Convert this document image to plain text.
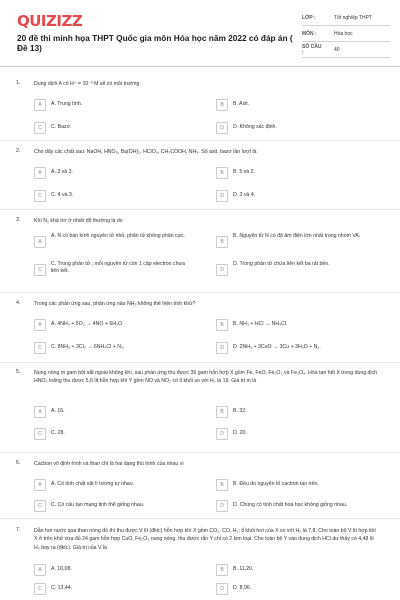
QUIZIZZ
20 đề thi minh họa THPT Quốc gia môn Hóa học năm 2022 có đáp án ( Đề 13)
LỚP :	Tốt nghiệp THPT
MÔN :	Hóa học
SỐ CÂU :	40
1.	Dung dịch A có H⁺ = 10⁻³ M sẽ có môi trường
A	A. Trung tính.	B	B. Axit.
C	C. Bazơ.	D	D. Không xác định.
2.	Cho dãy các chất sau: NaOH, HNO₃, Ba(OH)₂, HClO₄, CH₃COOH, NH₃. Số axit, bazơ lần lượt là
A	A. 3 và 3.	B	B. 5 và 2.
C	C. 4 và 3.	D	D. 3 và 4.
3.	Khí N₂ khá trơ ở nhiệt độ thường là do
A
A. N có bán kính nguyên tử nhỏ, phân tử không phân cực.
B
B. Nguyên tử N có độ âm điện lớn nhất trong nhóm VA.
C
C. Trong phân tử , mỗi nguyên tử còn 1 cặp electron chưa liên kết.	D
D. Trong phân tử chứa liên kết ba rất bền.
4.	Trong các phản ứng sau, phản ứng nào NH₃ không thể hiện tính khử?
A	A. 4NH₃ + 5O₂ → 4NO + 6H₂O	B	B. NH₃ + HCl → NH₄Cl.
C	C. 8NH₃ + 3Cl₂ → 6NH₄Cl + N₂.	D	D. 2NH₃ + 3CuO → 3Cu + 3H₂O + N₂.
5.	Nung nóng m gam bột sắt ngoài không khí, sau phản ứng thu được 36 gam hỗn hợp X gồm Fe, FeO, Fe₂O₃ và Fe₃O₄. Hòa tan hết X trong dung dịch HNO₃ loãng thu được 5,6 lít hỗn hợp khí Y gồm NO và NO₂ có tỉ khối so với H₂ là 19. Giá trị m là
A	A. 16.	B	B. 32.
C	C. 28.	D	D. 20.
6.	Cacbon vô định hình và than chì là hai dạng thù hình của nhau vì
A	A. Có tính chất vật lí tương tự nhau.	B	B. Đều do nguyên tố cacbon tạo nên.
C	C. Có cấu tạo mạng tinh thể giống nhau.	D	D. Chúng có tính chất hoá học không giống nhau.
7.	Dẫn hơi nước qua than nóng đỏ thì thu được V lít (đktc) hỗn hợp khí X gồm CO₂, CO, H₂; tỉ khối hơi của X so với H₂ là 7,8. Cho toàn bộ V lít hợp khí X ở trên khử vừa đủ 24 gam hỗn hợp CuO, Fe₂O₃ nung nóng, thu được rắn Y chỉ có 2 kim loại. Cho toàn bộ Y vào dung dịch HCl dư thấy có 4,48 lít H₂ bay ra (đktc). Giá trị của V là
A	A. 10,08.	B	B. 11,20.
C	C. 13,44.	D	D. 8,96.
